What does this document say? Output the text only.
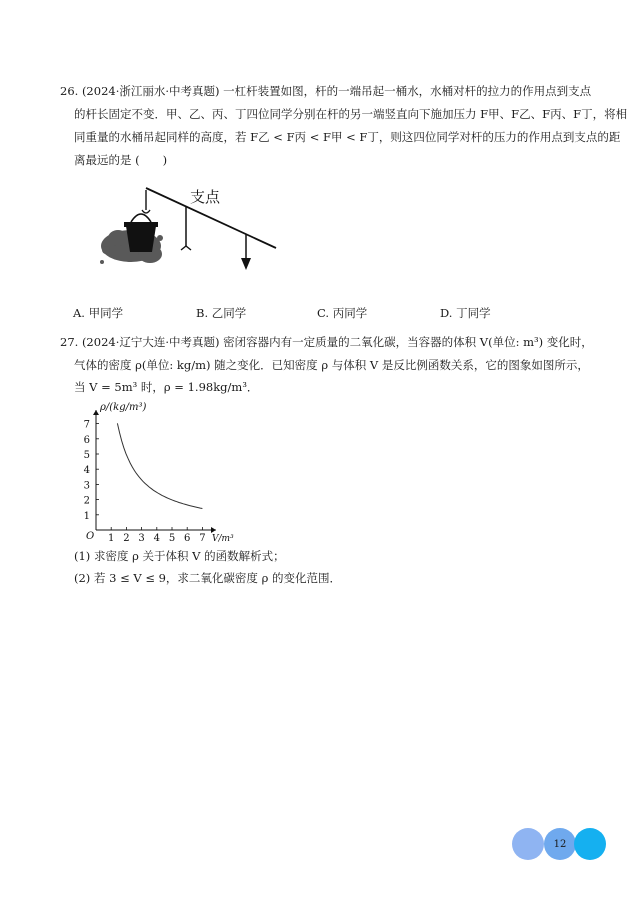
26. (2024·浙江丽水·中考真题) 一杠杆装置如图，杆的一端吊起一桶水，水桶对杆的拉力的作用点到支点
的杆长固定不变．甲、乙、丙、丁四位同学分别在杆的另一端竖直向下施加压力 F甲、F乙、F丙、F丁，将相
同重量的水桶吊起同样的高度，若 F乙 < F丙 < F甲 < F丁，则这四位同学对杆的压力的作用点到支点的距
离最远的是 (　　)
支点
A. 甲同学	B. 乙同学	C. 丙同学	D. 丁同学
27. (2024·辽宁大连·中考真题) 密闭容器内有一定质量的二氧化碳，当容器的体积 V(单位: m³) 变化时，
气体的密度 ρ(单位: kg/m) 随之变化．已知密度 ρ 与体积 V 是反比例函数关系，它的图象如图所示，
当 V = 5m³ 时，ρ = 1.98kg/m³．
1 2 3 4 5 6 7
1
2
3
4
5
6
7
O	V/m³
ρ/(kg/m³)
(1) 求密度 ρ 关于体积 V 的函数解析式；
(2) 若 3 ≤ V ≤ 9，求二氧化碳密度 ρ 的变化范围．
12
